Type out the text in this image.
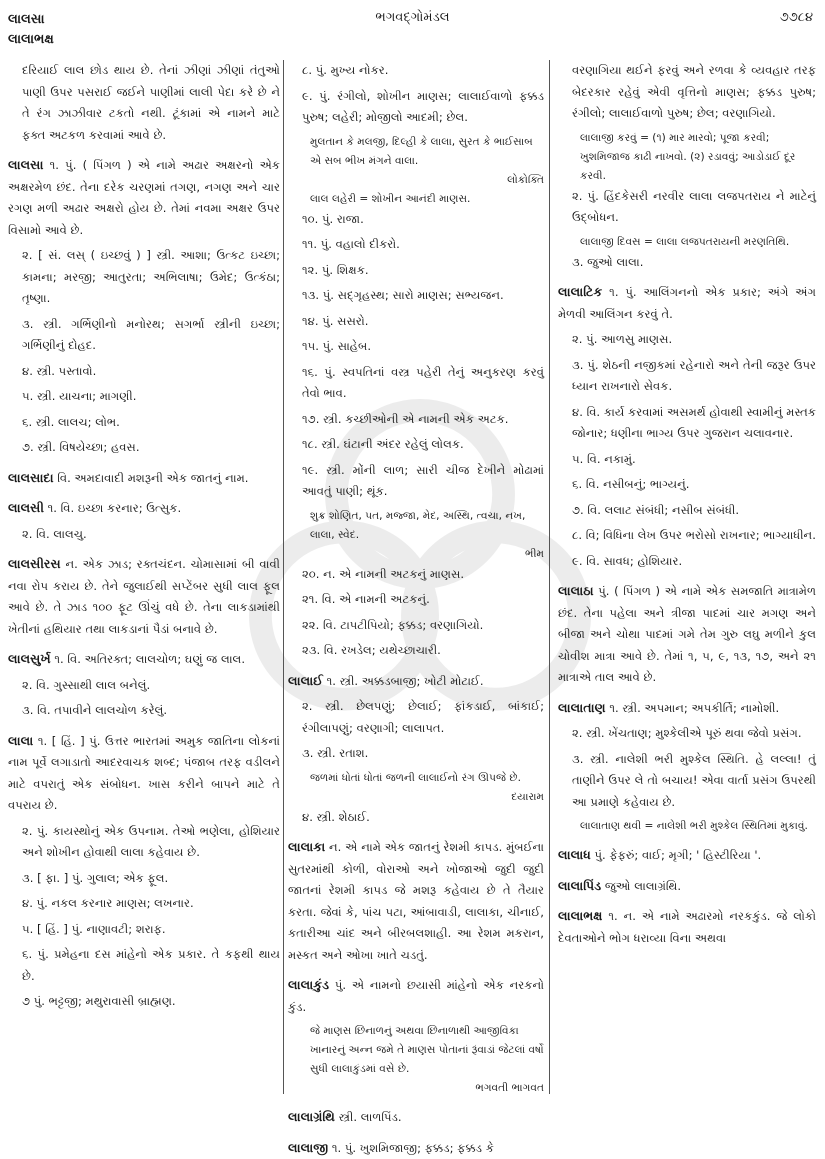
લાલસા
લાલાભક્ષ
ભગવદ્ગોમંડલ	૭૭૮૪
દરિયાઈ લાલ છોડ થાય છે. તેનાં ઝીણાં ઝીણાં તંતુઓ પાણી ઉપર પસરાઈ જઈને પાણીમાં લાલી પેદા કરે છે ને તે રંગ ઝાઝીવાર ટકતો નથી. ટૂંકામાં એ નામને માટે ફક્ત અટકળ કરવામાં આવે છે.
લાલસા ૧. પું. ( પિંગળ ) એ નામે અઢાર અક્ષરનો એક અક્ષરમેળ છંદ. તેના દરેક ચરણમાં તગણ, નગણ અને ચાર રગણ મળી અઢાર અક્ષરો હોય છે. તેમાં નવમા અક્ષર ઉપર વિસામો આવે છે.
૨. [ સં. લસ્ ( ઇચ્છવું ) ] સ્ત્રી. આશા; ઉત્કટ ઇચ્છા; કામના; મરજી; આતુરતા; અભિલાષા; ઉમેદ; ઉત્કંઠા; તૃષ્ણા.
૩. સ્ત્રી. ગર્ભિણીનો મનોરથ; સગર્ભા સ્ત્રીની ઇચ્છા; ગર્ભિણીનું દોહદ.
૪. સ્ત્રી. પસ્તાવો.
૫. સ્ત્રી. યાચના; માગણી.
૬. સ્ત્રી. લાલચ; લોભ.
૭. સ્ત્રી. વિષયેચ્છા; હવસ.
લાલસાદા વિ. અમદાવાદી મશરૂની એક જાતનું નામ.
લાલસી ૧. વિ. ઇચ્છા કરનાર; ઉત્સુક.
૨. વિ. લાલચુ.
લાલસીરસ ન. એક ઝાડ; રક્તચંદન. ચોમાસામાં બી વાવી નવા રોપ કરાય છે. તેને જુલાઈથી સપ્ટેંબર સુધી લાલ ફૂલ આવે છે. તે ઝાડ ૧૦૦ ફૂટ ઊંચું વધે છે. તેના લાકડામાંથી ખેતીનાં હથિયાર તથા લાકડાનાં પૈડાં બનાવે છે.
લાલસુર્ખ ૧. વિ. અતિરક્ત; લાલચોળ; ઘણું જ લાલ.
૨. વિ. ગુસ્સાથી લાલ બનેલું.
૩. વિ. તપાવીને લાલચોળ કરેલું.
લાલા ૧. [ હિં. ] પું. ઉત્તર ભારતમાં અમુક જાતિના લોકનાં નામ પૂર્વે લગાડાતો આદરવાચક શબ્દ; પંજાબ તરફ વડીલને માટે વપરાતું એક સંબોધન. ખાસ કરીને બાપને માટે તે વપરાય છે.
૨. પું. કાયસ્થોનું એક ઉપનામ. તેઓ ભણેલા, હોશિયાર અને શોખીન હોવાથી લાલા કહેવાય છે.
૩. [ ફા. ] પું. ગુલાલ; એક ફૂલ.
૪. પું. નકલ કરનાર માણસ; લખનાર.
૫. [ હિં. ] પું. નાણાવટી; શરાફ.
૬. પું. પ્રમેહના દસ માંહેનો એક પ્રકાર. તે કફથી થાય છે.
૭ પું. ભટ્ટજી; મથુરાવાસી બ્રાહ્મણ.
૮. પું. મુખ્ય નોકર.
૯. પું. રંગીલો, શોખીન માણસ; લાલાઈવાળો ફક્કડ પુરુષ; લહેરી; મોજીલો આદમી; છેલ.
મુલતાન કે મલજી, દિલ્હી કે લાલા, સુરત કે ભાઈસાબ એ સબ ભીખ મંગને વાલા.
લોકોક્તિ
લાલ લહેરી = શોખીન આનંદી માણસ.
૧૦. પું. રાજા.
૧૧. પું. વહાલો દીકરો.
૧૨. પું. શિક્ષક.
૧૩. પું. સદ્ગૃહસ્થ; સારો માણસ; સભ્યજન.
૧૪. પું. સસરો.
૧૫. પું. સાહેબ.
૧૬. પું. સ્વપતિનાં વસ્ત્ર પહેરી તેનું અનુકરણ કરવું તેવો ભાવ.
૧૭. સ્ત્રી. કચ્છીઓની એ નામની એક અટક.
૧૮. સ્ત્રી. ઘંટાની અંદર રહેલું લોલક.
૧૯. સ્ત્રી. મોંની લાળ; સારી ચીજ દેખીને મોઢામાં આવતું પાણી; થૂંક.
શુક્ર શોણિત, પત, મજ્જા, મેદ, અસ્થિ, ત્વચા, નખ, લાલા, સ્વેદ.
ભીમ
૨૦. ન. એ નામની અટકનું માણસ.
૨૧. વિ. એ નામની અટકનું.
૨૨. વિ. ટાપટીપિયો; ફક્કડ; વરણાગિયો.
૨૩. વિ. રખડેલ; યથેચ્છાચારી.
લાલાઈ ૧. સ્ત્રી. અક્કડબાજી; ખોટી મોટાઈ.
૨. સ્ત્રી. છેલપણું; છેલાઈ; ફાંકડાઈ, બાંકાઈ; રંગીલાપણું; વરણાગી; લાલાપત.
૩. સ્ત્રી. રતાશ.
જળમાં ધોતાં ધોતાં જળની લાલાઈનો રંગ ઊપજે છે.
દયારામ
૪. સ્ત્રી. શેઠાઈ.
લાલાકા ન. એ નામે એક જાતનું રેશમી કાપડ. મુંબઈના સુતરમાંથી કોળી, વોરાઓ અને ખોજાઓ જુદી જુદી જાતનાં રેશમી કાપડ જે મશરૂ કહેવાય છે તે તૈયાર કરતા. જેવાં કે, પાંચ પટા, આંબાવાડી, લાલાકા, ચીનાઈ, કતારીઆ ચાંદ અને બીરબલશાહી. આ રેશમ મકરાન, મસ્કત અને ઓખા ખાતે ચડતું.
લાલાકુંડ પું. એ નામનો છયાસી માંહેનો એક નરકનો કુંડ.
જે માણસ છિનાળનું અથવા છિનાળાથી આજીવિકા ખાનારનું અન્ન જમે તે માણસ પોતાનાં રૂંવાડાં જેટલાં વર્ષો સુધી લાલાકુંડમાં વસે છે.
ભગવતી ભાગવત
લાલાગ્રંથિ સ્ત્રી. લાળપિંડ.
લાલાજી ૧. પું. ખુશમિજાજી; ફક્કડ; ફક્કડ કે
વરણાગિયા થઈને ફરવું અને રળવા કે વ્યવહાર તરફ બેદરકાર રહેવું એવી વૃત્તિનો માણસ; ફક્કડ પુરુષ; રંગીલો; લાલાઈવાળો પુરુષ; છેલ; વરણાગિયો.
લાલાજી કરવું = (૧) માર મારવો; પૂજા કરવી; ખુશમિજાજ કાઢી નાખવો. (૨) રડાવવું; આડોડાઈ દૂર કરવી.
૨. પું. હિંદકેસરી નરવીર લાલા લજપતરાય ને માટેનું ઉદ્બોધન.
લાલાજી દિવસ = લાલા લજપતરાયની મરણતિથિ.
૩. જુઓ લાલા.
લાલાટિક ૧. પું. આલિંગનનો એક પ્રકાર; અંગે અંગ મેળવી આલિંગન કરવું તે.
૨. પું. આળસુ માણસ.
૩. પું. શેઠની નજીકમાં રહેનારો અને તેની જરૂર ઉપર ધ્યાન રાખનારો સેવક.
૪. વિ. કાર્ય કરવામાં અસમર્થ હોવાથી સ્વામીનું મસ્તક જોનાર; ધણીના ભાગ્ય ઉપર ગુજરાન ચલાવનાર.
૫. વિ. નકામું.
૬. વિ. નસીબનું; ભાગ્યનું.
૭. વિ. લલાટ સંબંધી; નસીબ સંબંધી.
૮. વિ; વિધિના લેખ ઉપર ભરોસો રાખનાર; ભાગ્યાધીન.
૯. વિ. સાવધ; હોશિયાર.
લાલાઠા પું. ( પિંગળ ) એ નામે એક સમજાતિ માત્રામેળ છંદ. તેના પહેલા અને ત્રીજા પાદમાં ચાર મગણ અને બીજા અને ચોથા પાદમાં ગમે તેમ ગુરુ લઘુ મળીને કુલ ચોવીશ માત્રા આવે છે. તેમાં ૧, ૫, ૯, ૧૩, ૧૭, અને ૨૧ માત્રાએ તાલ આવે છે.
લાલાતાણ ૧. સ્ત્રી. અપમાન; અપકીર્તિ; નામોશી.
૨. સ્ત્રી. ખેંચતાણ; મુશ્કેલીએ પૂરું થવા જેવો પ્રસંગ.
૩. સ્ત્રી. નાલેશી ભરી મુશ્કેલ સ્થિતિ. હે લલ્લા! તું તાણીને ઉપર લે તો બચાય! એવા વાર્તા પ્રસંગ ઉપરથી આ પ્રમાણે કહેવાય છે.
લાલાતાણ થવી = નાલેશી ભરી મુશ્કેલ સ્થિતિમાં મુકાવું.
લાલાધ પું. ફેફરું; વાઈ; મૃગી; ' હિસ્ટીરિયા '.
લાલાપિંડ જુઓ લાલાગ્રંથિ.
લાલાભક્ષ ૧. ન. એ નામે અઢારમો નરકકુંડ. જે લોકો દેવતાઓને ભોગ ધરાવ્યા વિના અથવા
